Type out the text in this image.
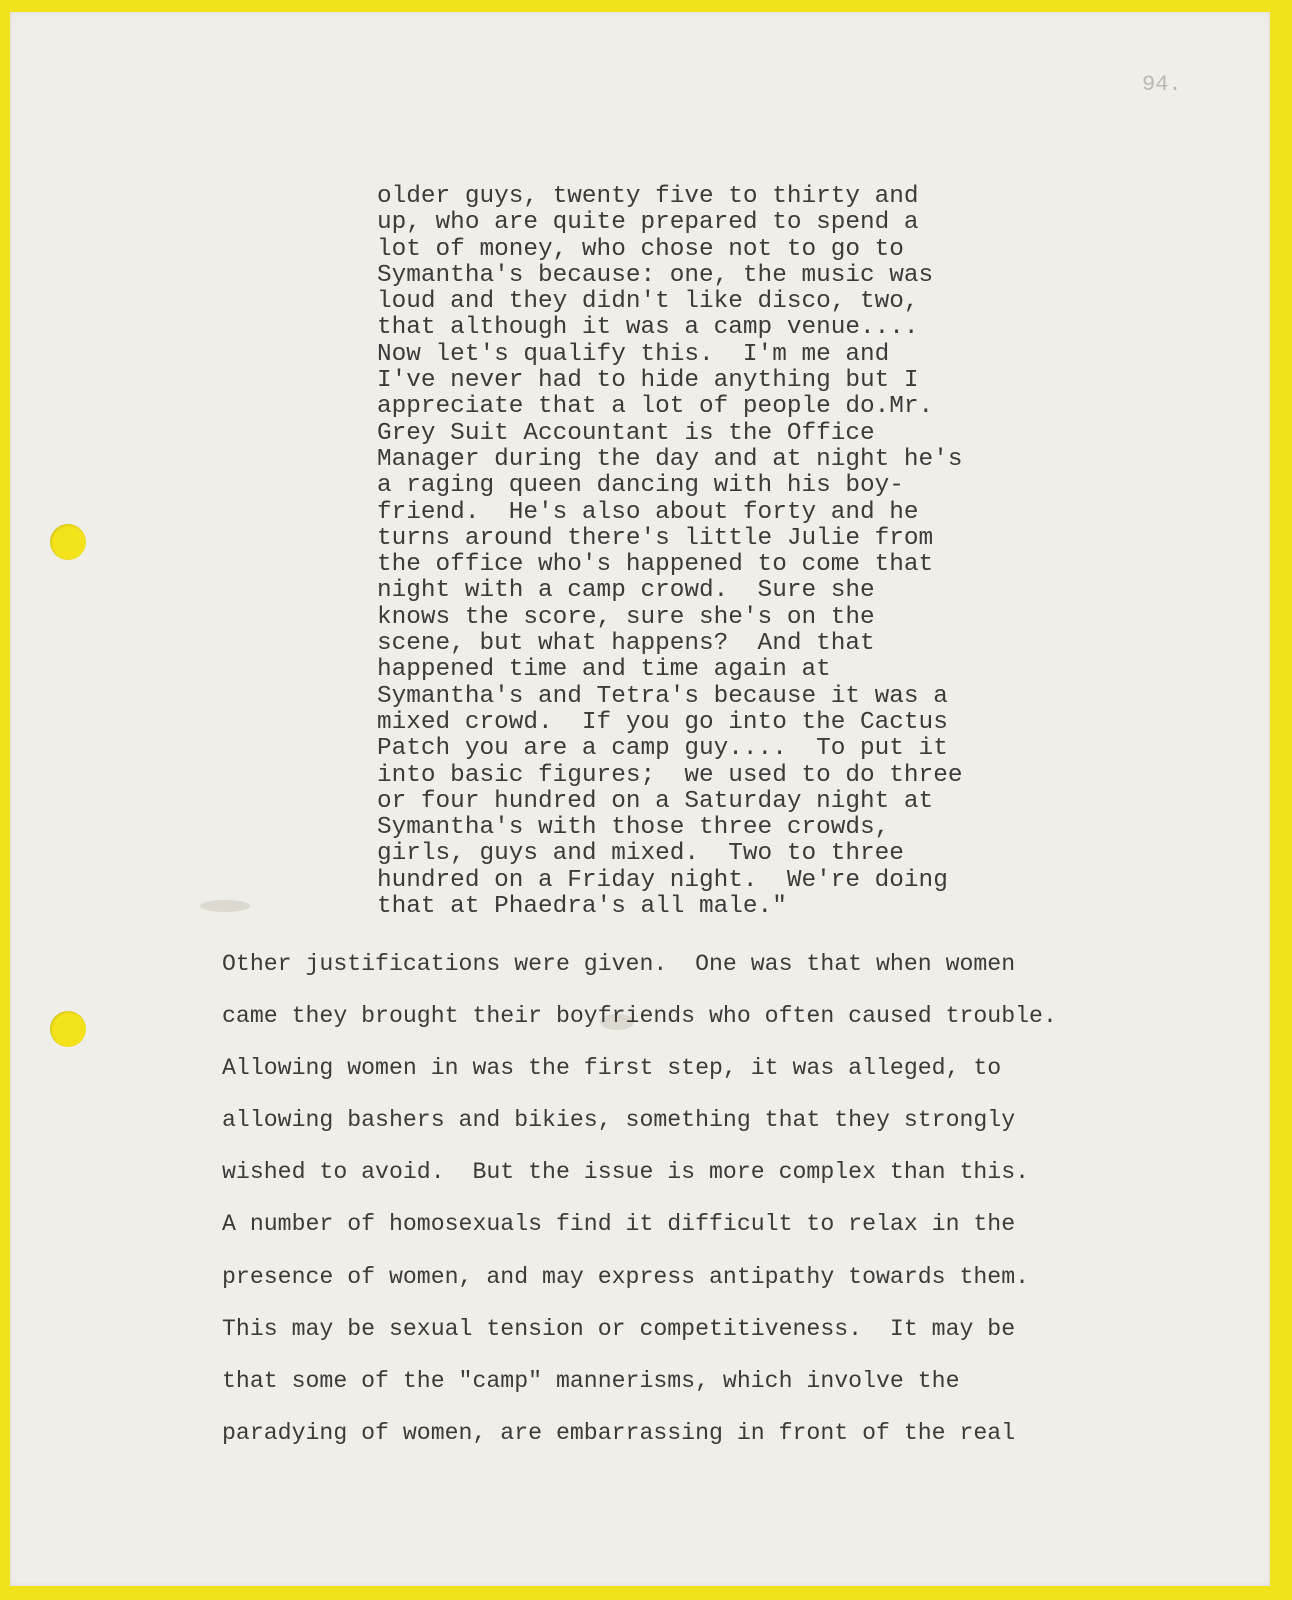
94.

older guys, twenty five to thirty and
up, who are quite prepared to spend a
lot of money, who chose not to go to
Symantha's because: one, the music was
loud and they didn't like disco, two,
that although it was a camp venue....
Now let's qualify this.  I'm me and
I've never had to hide anything but I
appreciate that a lot of people do.Mr.
Grey Suit Accountant is the Office
Manager during the day and at night he's
a raging queen dancing with his boy-
friend.  He's also about forty and he
turns around there's little Julie from
the office who's happened to come that
night with a camp crowd.  Sure she
knows the score, sure she's on the
scene, but what happens?  And that
happened time and time again at
Symantha's and Tetra's because it was a
mixed crowd.  If you go into the Cactus
Patch you are a camp guy....  To put it
into basic figures;  we used to do three
or four hundred on a Saturday night at
Symantha's with those three crowds,
girls, guys and mixed.  Two to three
hundred on a Friday night.  We're doing
that at Phaedra's all male."
Other justifications were given.  One was that when women
came they brought their boyfriends who often caused trouble.
Allowing women in was the first step, it was alleged, to
allowing bashers and bikies, something that they strongly
wished to avoid.  But the issue is more complex than this.
A number of homosexuals find it difficult to relax in the
presence of women, and may express antipathy towards them.
This may be sexual tension or competitiveness.  It may be
that some of the "camp" mannerisms, which involve the
paradying of women, are embarrassing in front of the real
